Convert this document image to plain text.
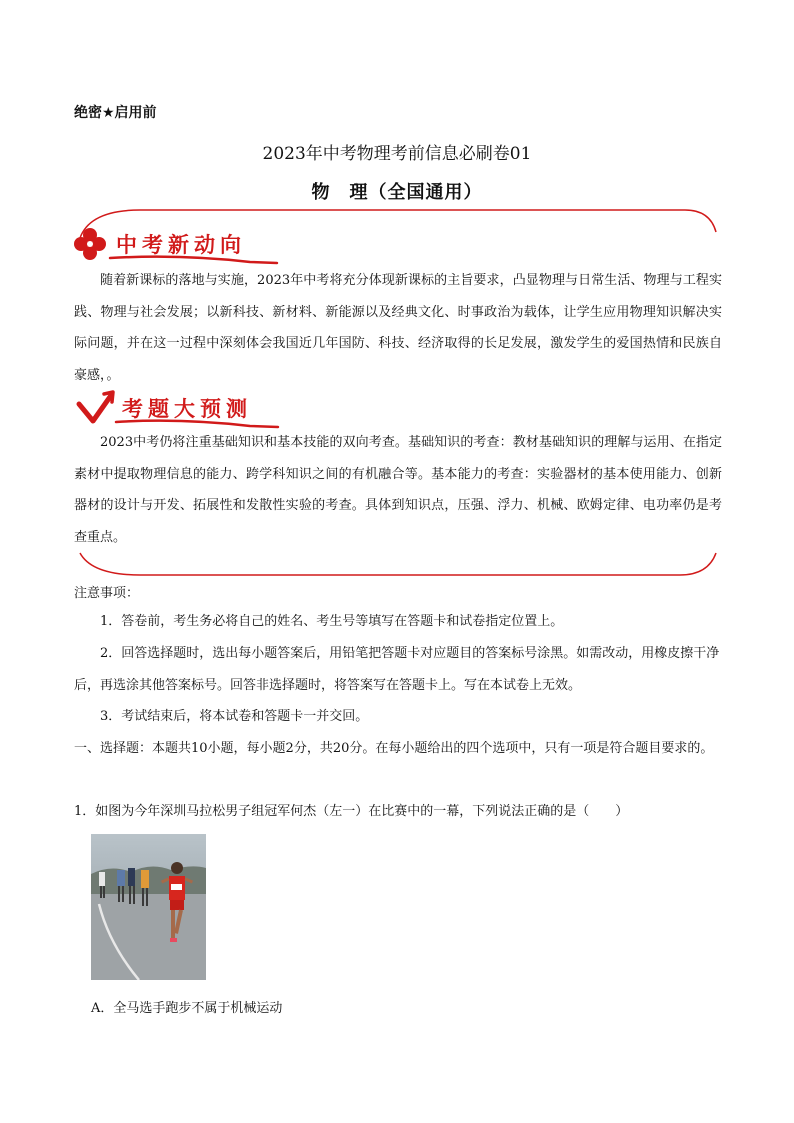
绝密★启用前
2023年中考物理考前信息必刷卷01
物　理（全国通用）
中考新动向
随着新课标的落地与实施，2023年中考将充分体现新课标的主旨要求，凸显物理与日常生活、物理与工程实践、物理与社会发展；以新科技、新材料、新能源以及经典文化、时事政治为载体，让学生应用物理知识解决实际问题，并在这一过程中深刻体会我国近几年国防、科技、经济取得的长足发展，激发学生的爱国热情和民族自豪感，。
考题大预测
2023中考仍将注重基础知识和基本技能的双向考查。基础知识的考查：教材基础知识的理解与运用、在指定素材中提取物理信息的能力、跨学科知识之间的有机融合等。基本能力的考查：实验器材的基本使用能力、创新器材的设计与开发、拓展性和发散性实验的考查。具体到知识点，压强、浮力、机械、欧姆定律、电功率仍是考查重点。
注意事项：
1．答卷前，考生务必将自己的姓名、考生号等填写在答题卡和试卷指定位置上。
2．回答选择题时，选出每小题答案后，用铅笔把答题卡对应题目的答案标号涂黑。如需改动，用橡皮擦干净后，再选涂其他答案标号。回答非选择题时，将答案写在答题卡上。写在本试卷上无效。
3．考试结束后，将本试卷和答题卡一并交回。
一、选择题：本题共10小题，每小题2分，共20分。在每小题给出的四个选项中，只有一项是符合题目要求的。
1．如图为今年深圳马拉松男子组冠军何杰（左一）在比赛中的一幕，下列说法正确的是（　　）
A．全马选手跑步不属于机械运动
